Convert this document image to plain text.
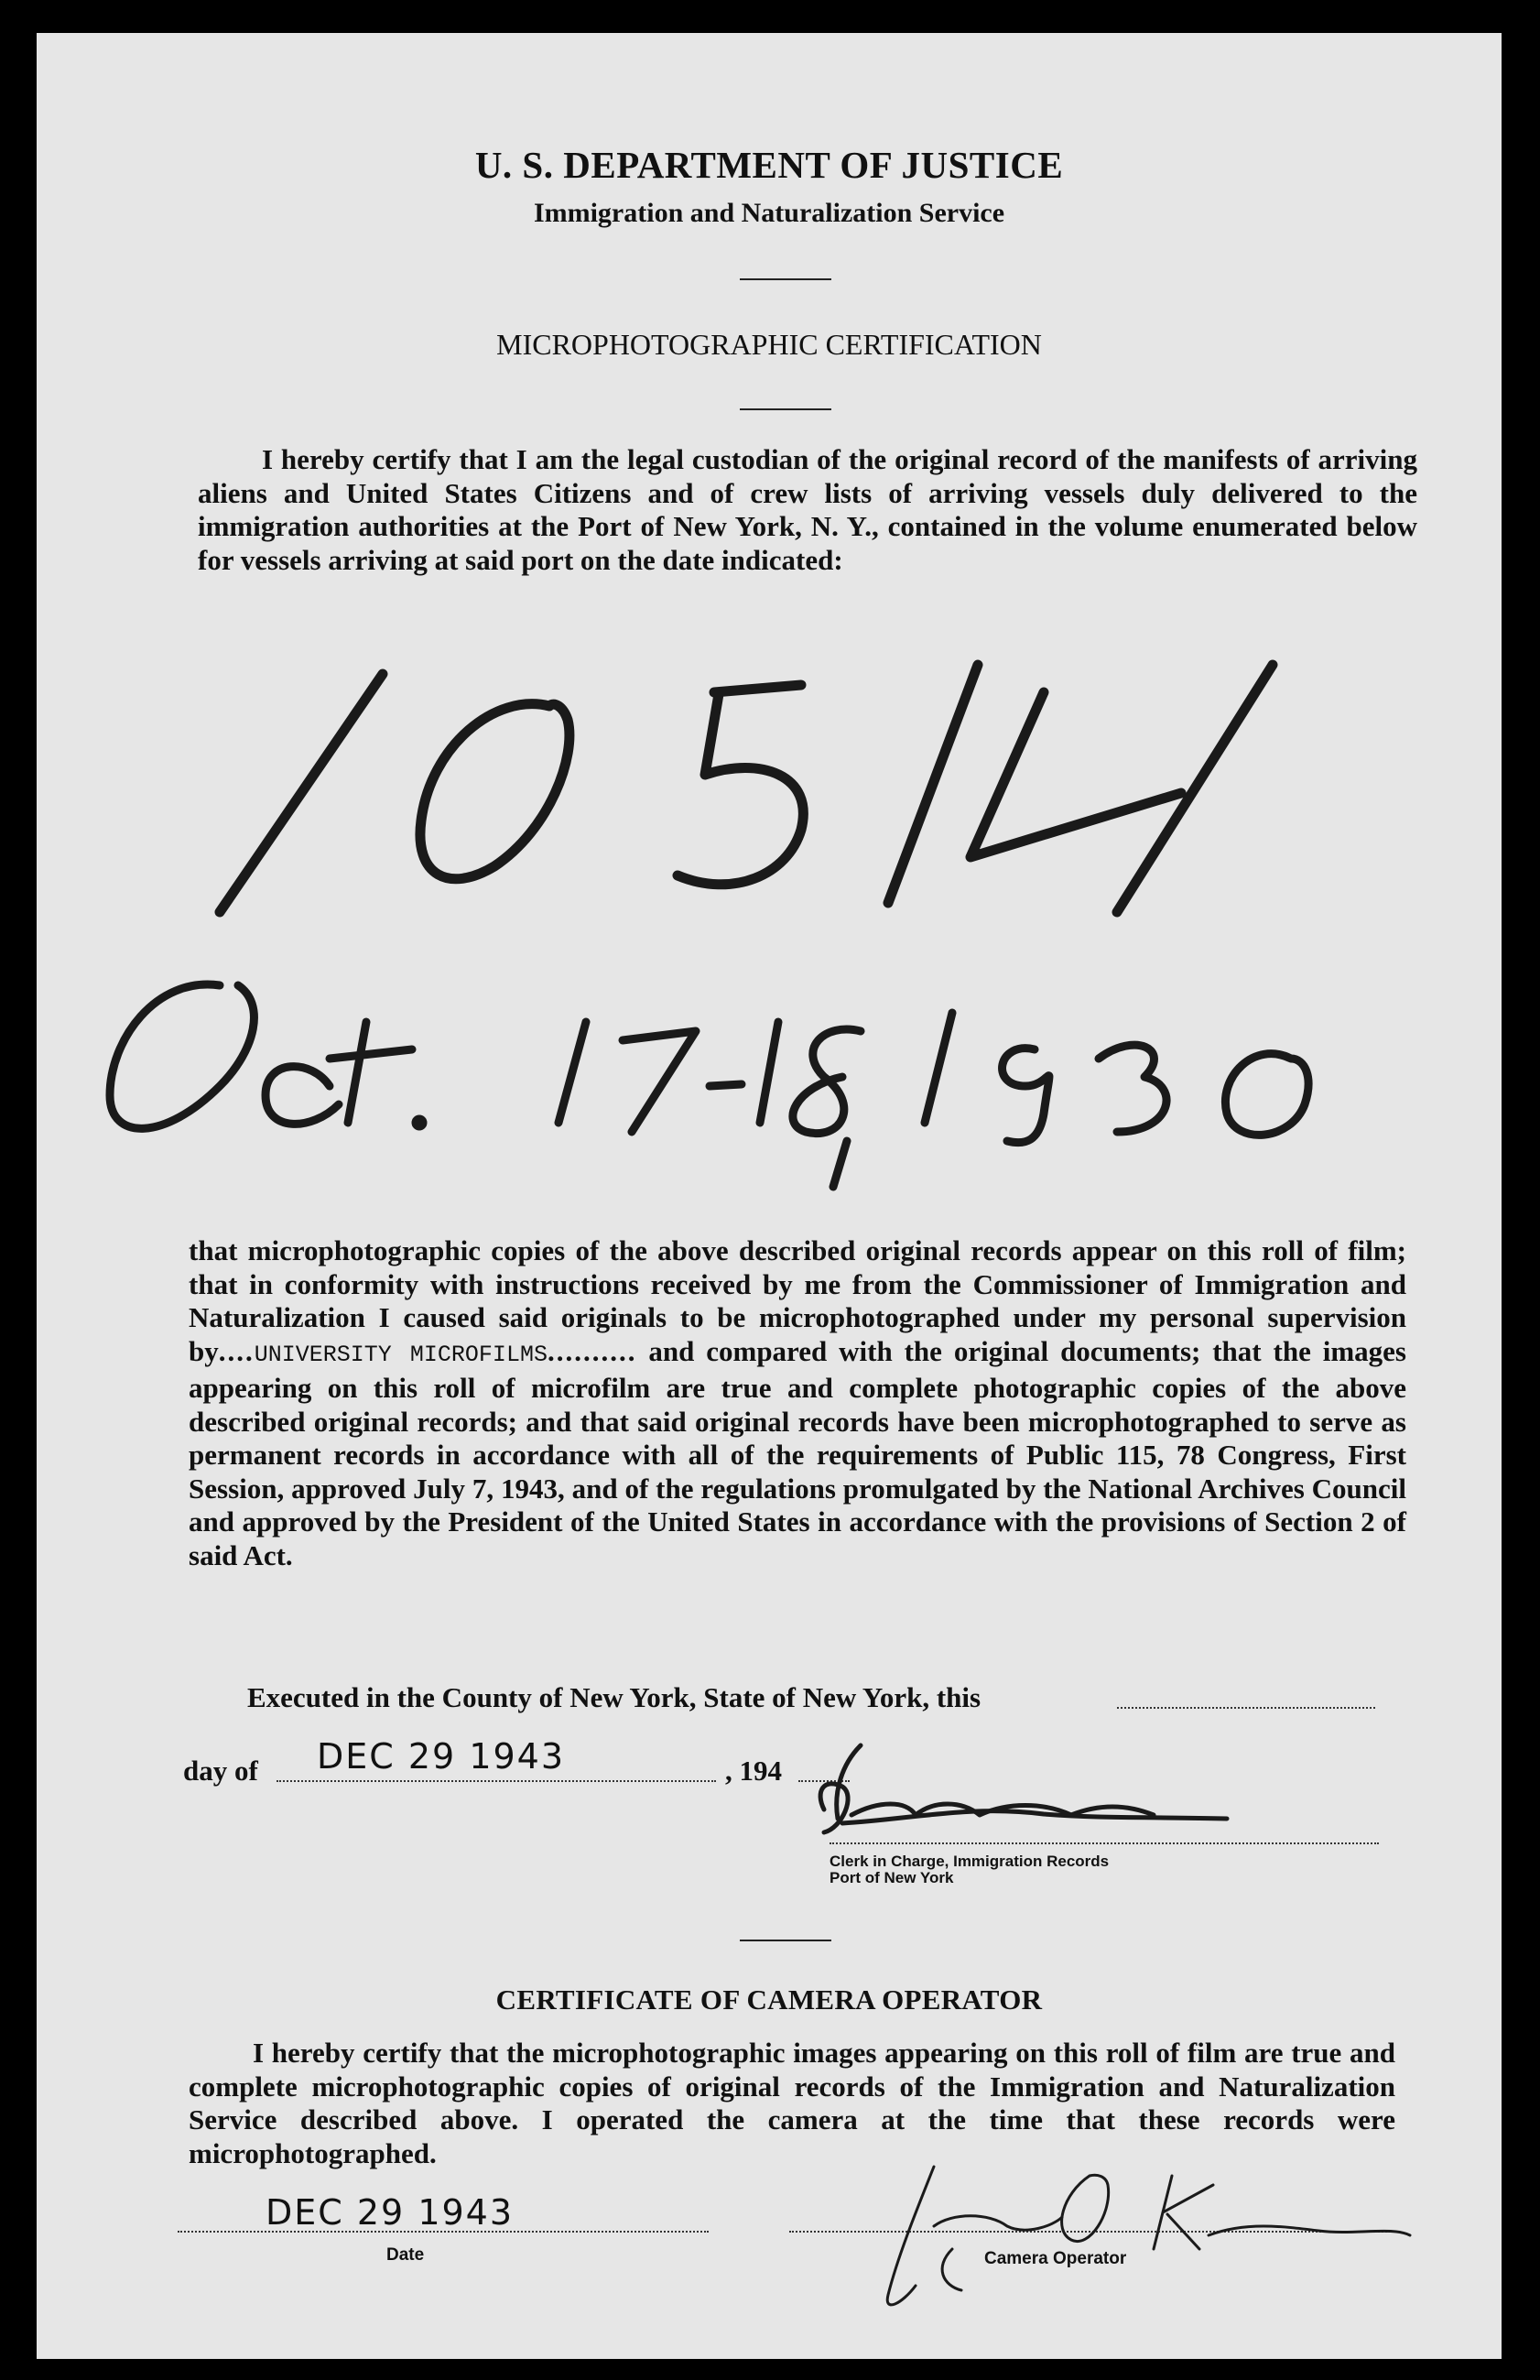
U. S. DEPARTMENT OF JUSTICE
Immigration and Naturalization Service
MICROPHOTOGRAPHIC CERTIFICATION
I hereby certify that I am the legal custodian of the original record of the manifests of arriving aliens and United States Citizens and of crew lists of arriving vessels duly delivered to the immigration authorities at the Port of New York, N. Y., contained in the volume enumerated below for vessels arriving at said port on the date indicated:
that microphotographic copies of the above described original records appear on this roll of film; that in conformity with instructions received by me from the Commissioner of Immigration and Naturalization I caused said originals to be microphotographed under my personal supervision by....UNIVERSITY MICROFILMS.......... and compared with the original documents; that the images appearing on this roll of microfilm are true and complete photographic copies of the above described original records; and that said original records have been microphotographed to serve as permanent records in accordance with all of the requirements of Public 115, 78 Congress, First Session, approved July 7, 1943, and of the regulations promulgated by the National Archives Council and approved by the President of the United States in accordance with the provisions of Section 2 of said Act.
Executed in the County of New York, State of New York, this
day of DEC 29 1943	, 194
Clerk in Charge, Immigration Records
Port of New York
CERTIFICATE OF CAMERA OPERATOR
I hereby certify that the microphotographic images appearing on this roll of film are true and complete microphotographic copies of original records of the Immigration and Naturalization Service described above. I operated the camera at the time that these records were microphotographed.
DEC 29 1943
Date	Camera Operator
